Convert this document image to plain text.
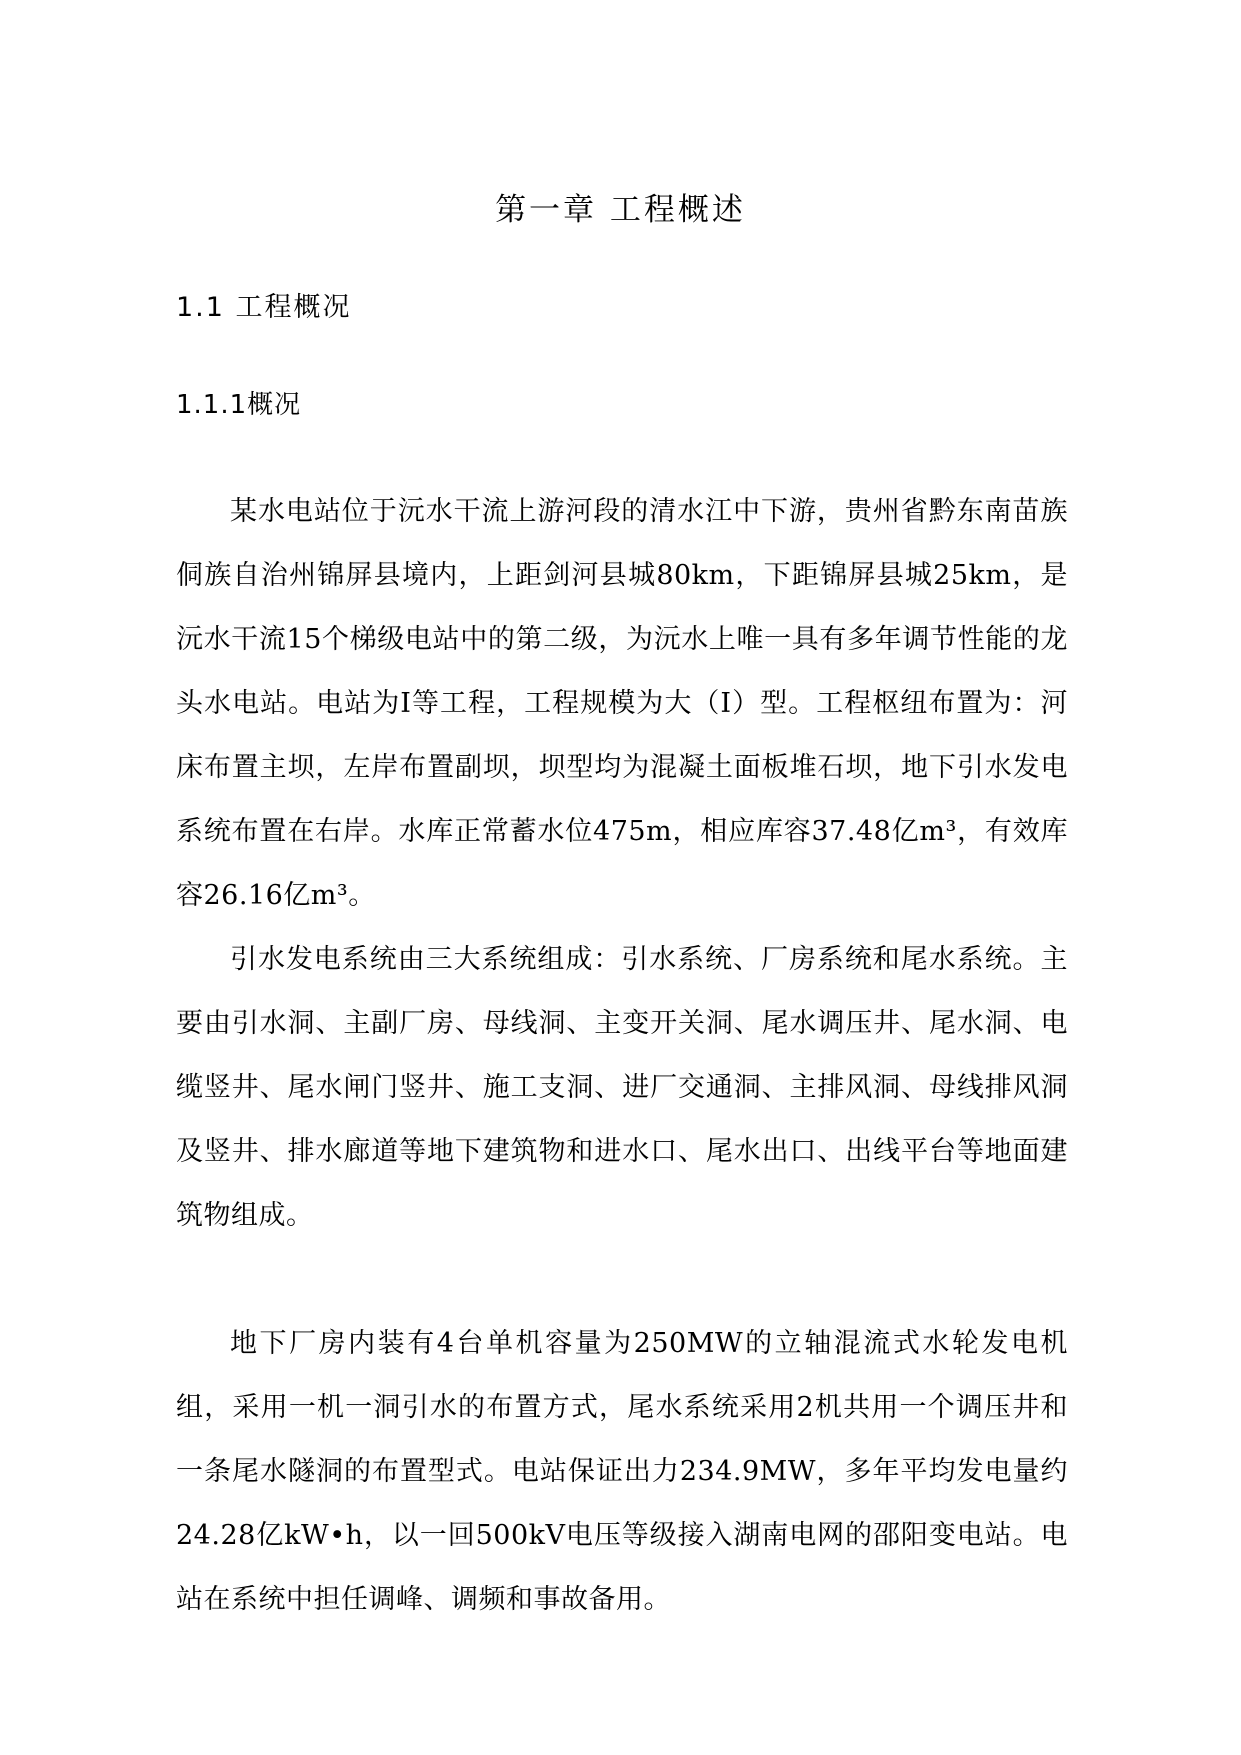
第一章 工程概述
1.1 工程概况
1.1.1概况

某水电站位于沅水干流上游河段的清水江中下游，贵州省黔东南苗族侗族自治州锦屏县境内，上距剑河县城80km，下距锦屏县城25km，是沅水干流15个梯级电站中的第二级，为沅水上唯一具有多年调节性能的龙头水电站。电站为I等工程，工程规模为大（I）型。工程枢纽布置为：河床布置主坝，左岸布置副坝，坝型均为混凝土面板堆石坝，地下引水发电系统布置在右岸。水库正常蓄水位475m，相应库容37.48亿m³，有效库容26.16亿m³。

引水发电系统由三大系统组成：引水系统、厂房系统和尾水系统。主要由引水洞、主副厂房、母线洞、主变开关洞、尾水调压井、尾水洞、电缆竖井、尾水闸门竖井、施工支洞、进厂交通洞、主排风洞、母线排风洞及竖井、排水廊道等地下建筑物和进水口、尾水出口、出线平台等地面建筑物组成。

地下厂房内装有4台单机容量为250MW的立轴混流式水轮发电机组，采用一机一洞引水的布置方式，尾水系统采用2机共用一个调压井和一条尾水隧洞的布置型式。电站保证出力234.9MW，多年平均发电量约24.28亿kW•h，以一回500kV电压等级接入湖南电网的邵阳变电站。电站在系统中担任调峰、调频和事故备用。
